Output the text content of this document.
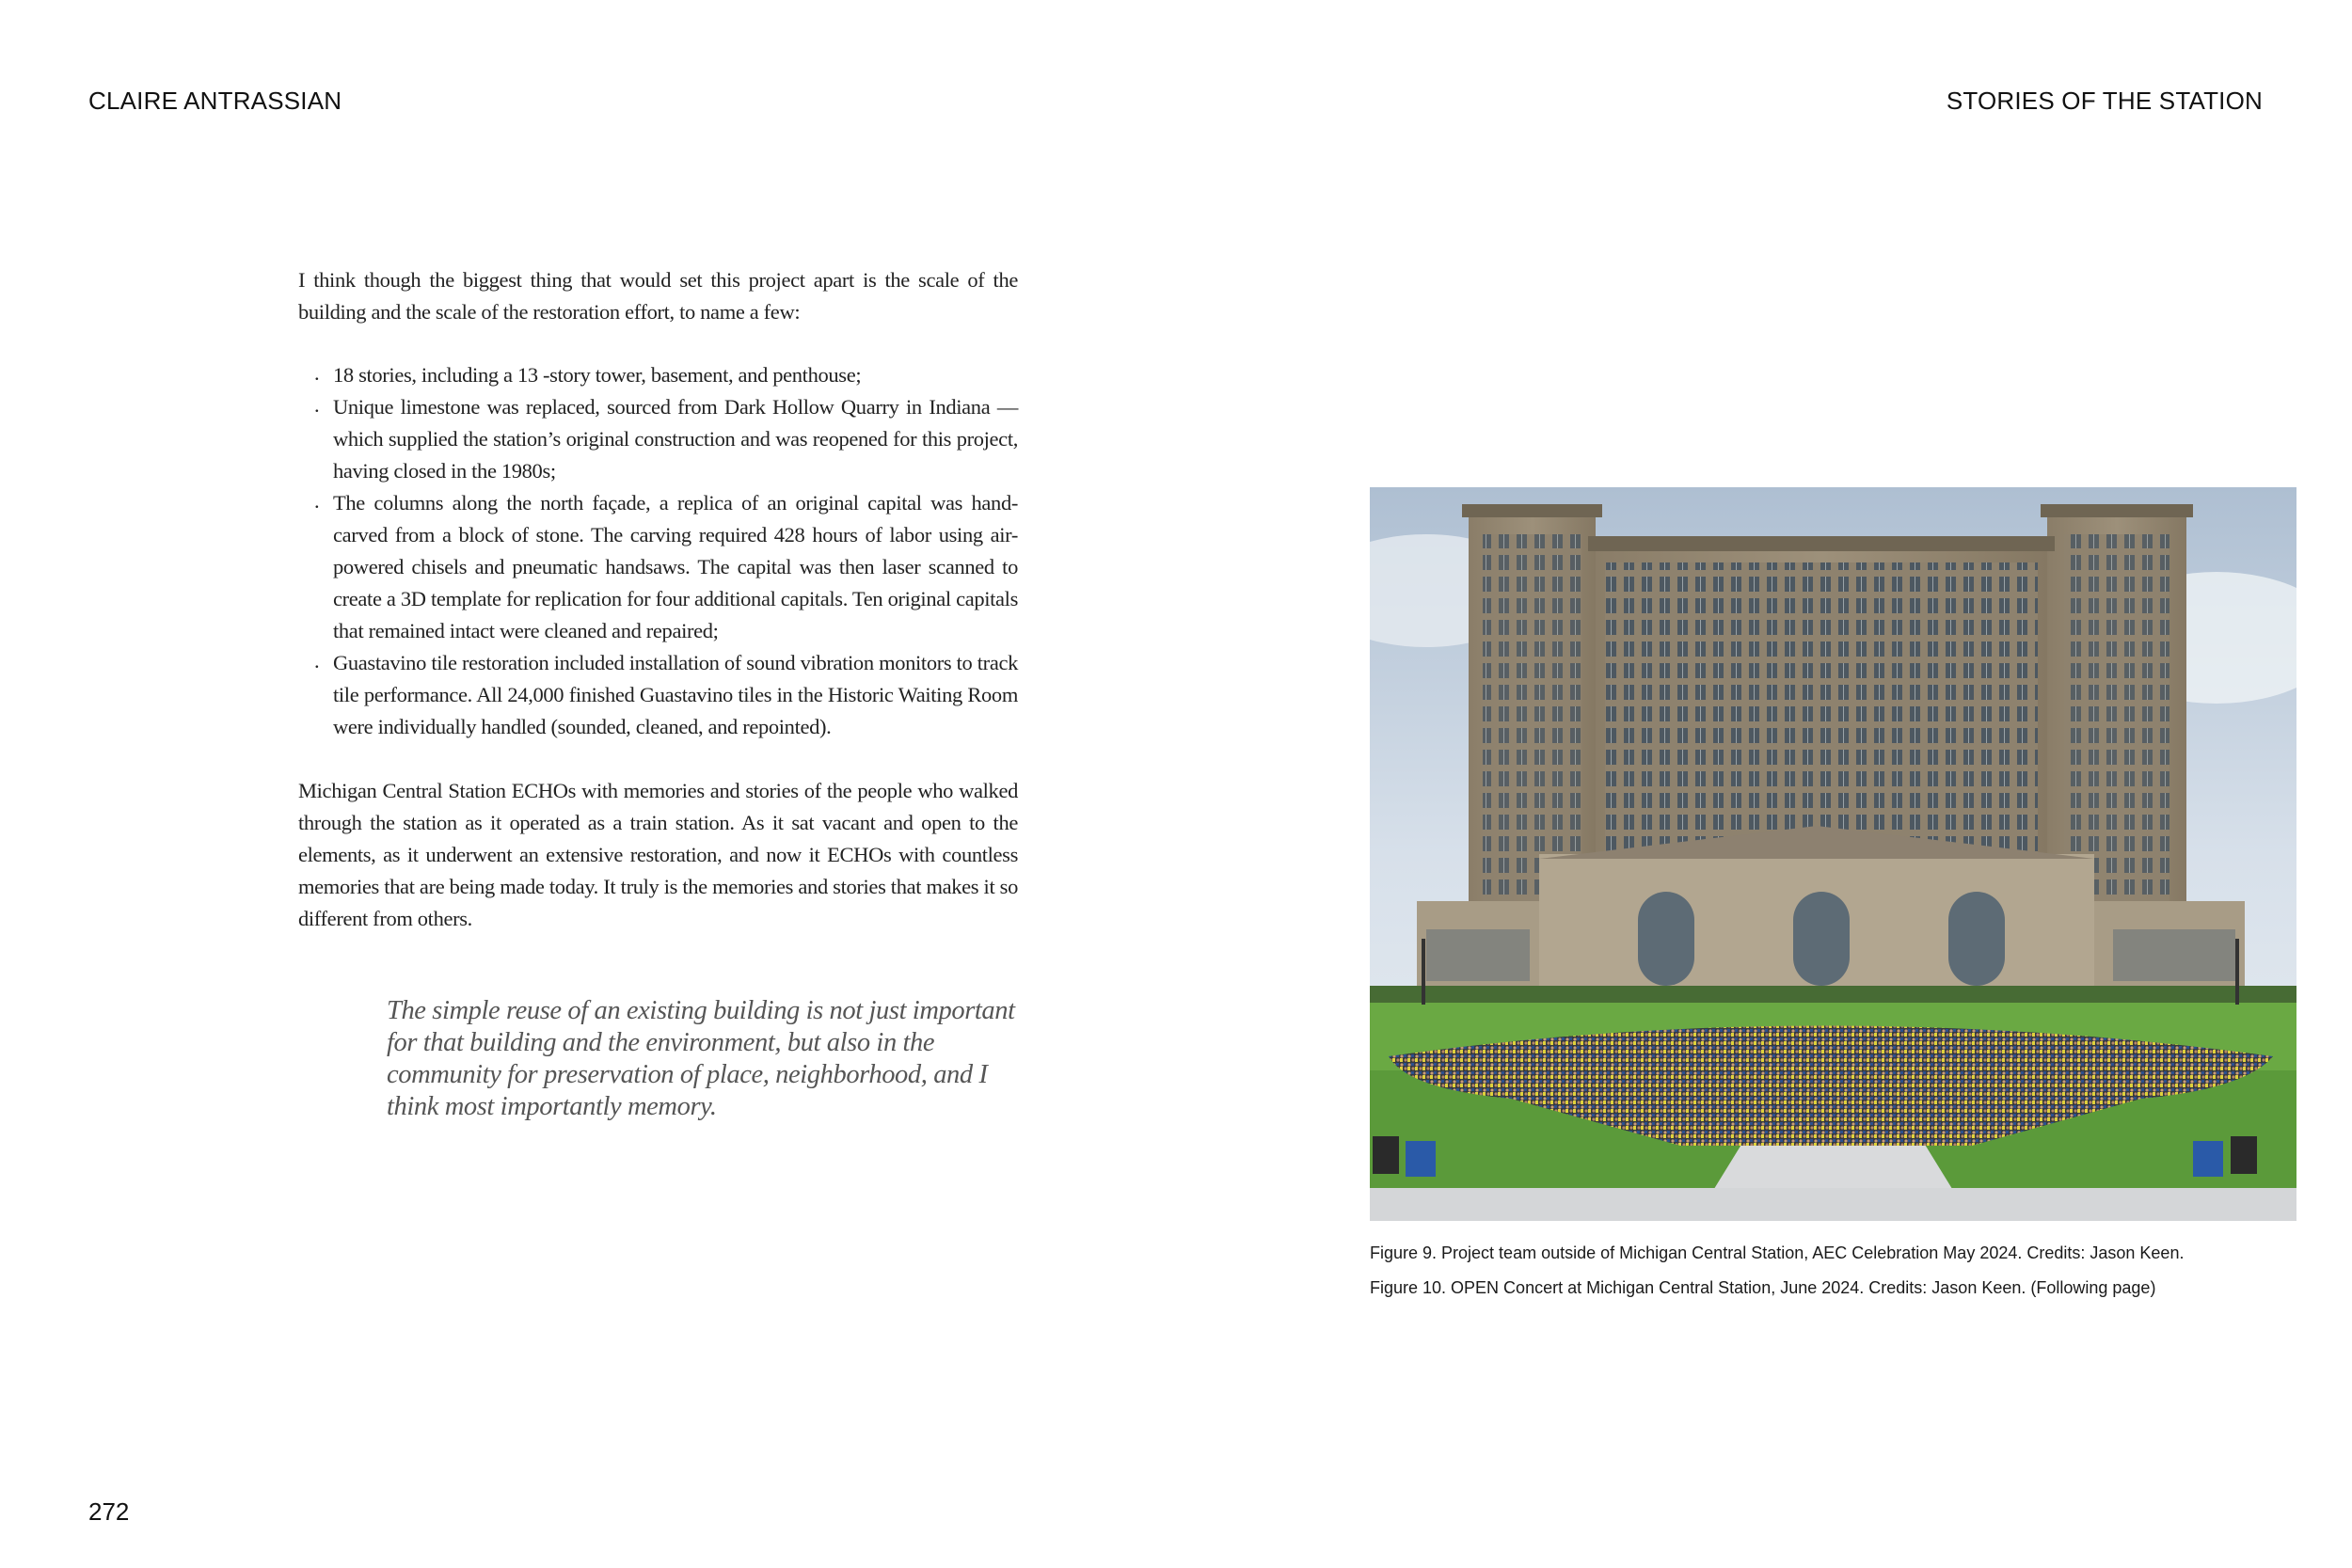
CLAIRE ANTRASSIAN	STORIES OF THE STATION

I think though the biggest thing that would set this project apart is the scale of the building and the scale of the restoration effort, to name a few:

. 18 stories, including a 13 -story tower, basement, and penthouse;
. Unique limestone was replaced, sourced from Dark Hollow Quarry in Indiana —which supplied the station’s original construction and was reopened for this project, having closed in the 1980s;
. The columns along the north façade, a replica of an original capital was hand-carved from a block of stone. The carving required 428 hours of labor using air-powered chisels and pneumatic handsaws. The capital was then laser scanned to create a 3D template for replication for four additional capitals. Ten original capitals that remained intact were cleaned and repaired;
. Guastavino tile restoration included installation of sound vibration monitors to track tile performance. All 24,000 finished Guastavino tiles in the Historic Waiting Room were individually handled (sounded, cleaned, and repointed).

Michigan Central Station ECHOs with memories and stories of the people who walked through the station as it operated as a train station. As it sat vacant and open to the elements, as it underwent an extensive restoration, and now it ECHOs with countless memories that are being made today. It truly is the memories and stories that makes it so different from others.

The simple reuse of an existing building is not just important for that building and the environment, but also in the community for preservation of place, neighborhood, and I think most importantly memory.
Figure 9. Project team outside of Michigan Central Station, AEC Celebration May 2024. Credits: Jason Keen.
Figure 10. OPEN Concert at Michigan Central Station, June 2024. Credits: Jason Keen. (Following page)
272
